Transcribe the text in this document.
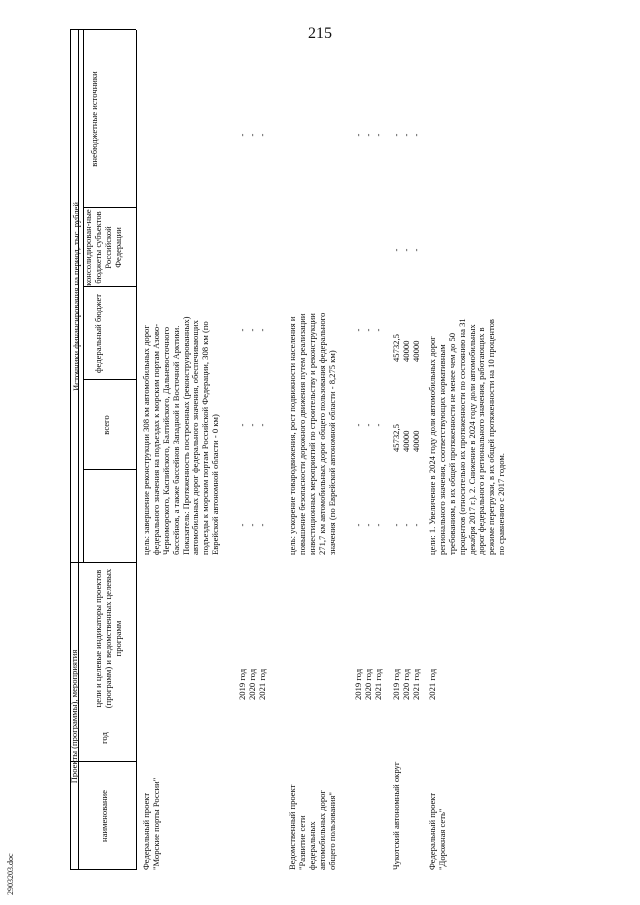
215
2903203.doc
Проекты (программы), мероприятия
Источники финансирования на период, тыс. рублей
наименование
год
цели и целевые индикаторы проектов (программ) и ведомственных целевых программ
всего
федеральный бюджет
консолидирован-ные бюджеты субъектов Российской Федерации
внебюджетные источники
Федеральный проект "Морские порты России"
цель: завершение реконструкции 308 км автомобильных дорог федерального значения на подъездах к морским портам Азово-Черноморского, Каспийского, Балтийского, Дальневосточного бассейнов, а также бассейнов Западной и Восточной Арктики. Показатель: Протяженность построенных (реконструированных) автомобильных дорог федерального значения, обеспечивающих подъезды к морским портам Российской Федерации, 308 км (по Еврейской автономной области - 0 км)
2019 год 2020 год 2021 год
Ведомственный проект "Развитие сети федеральных автомобильных дорог общего пользования"
цель: ускорение товародвижения, рост подвижности населения и повышение безопасности дорожного движения путем реализации инвестиционных мероприятий по строительству и реконструкции 271,7 км автомобильных дорог общего пользования федерального значения (по Еврейской автономной области - 8,275 км)
2019 год 2020 год 2021 год
- - -
- - -
- - -
- - -
- - -
- - -
- - -
- - -
Чукотский автономный округ
2019 год 2020 год 2021 год
- - -
45732,5 40000 40000
45732,5 40000 40000
- - -
- - -
Федеральный проект "Дорожная сеть"
цели: 1. Увеличение в 2024 году доли автомобильных дорог регионального значения, соответствующих нормативным требованиям, в их общей протяженности не менее чем до 50 процентов (относительно их протяженности по состоянию на 31 декабря 2017 г.). 2. Снижение в 2024 году доли автомобильных дорог федерального и регионального значения, работающих в режиме перегрузки, в их общей протяженности на 10 процентов по сравнению с 2017 годом.
2021 год
